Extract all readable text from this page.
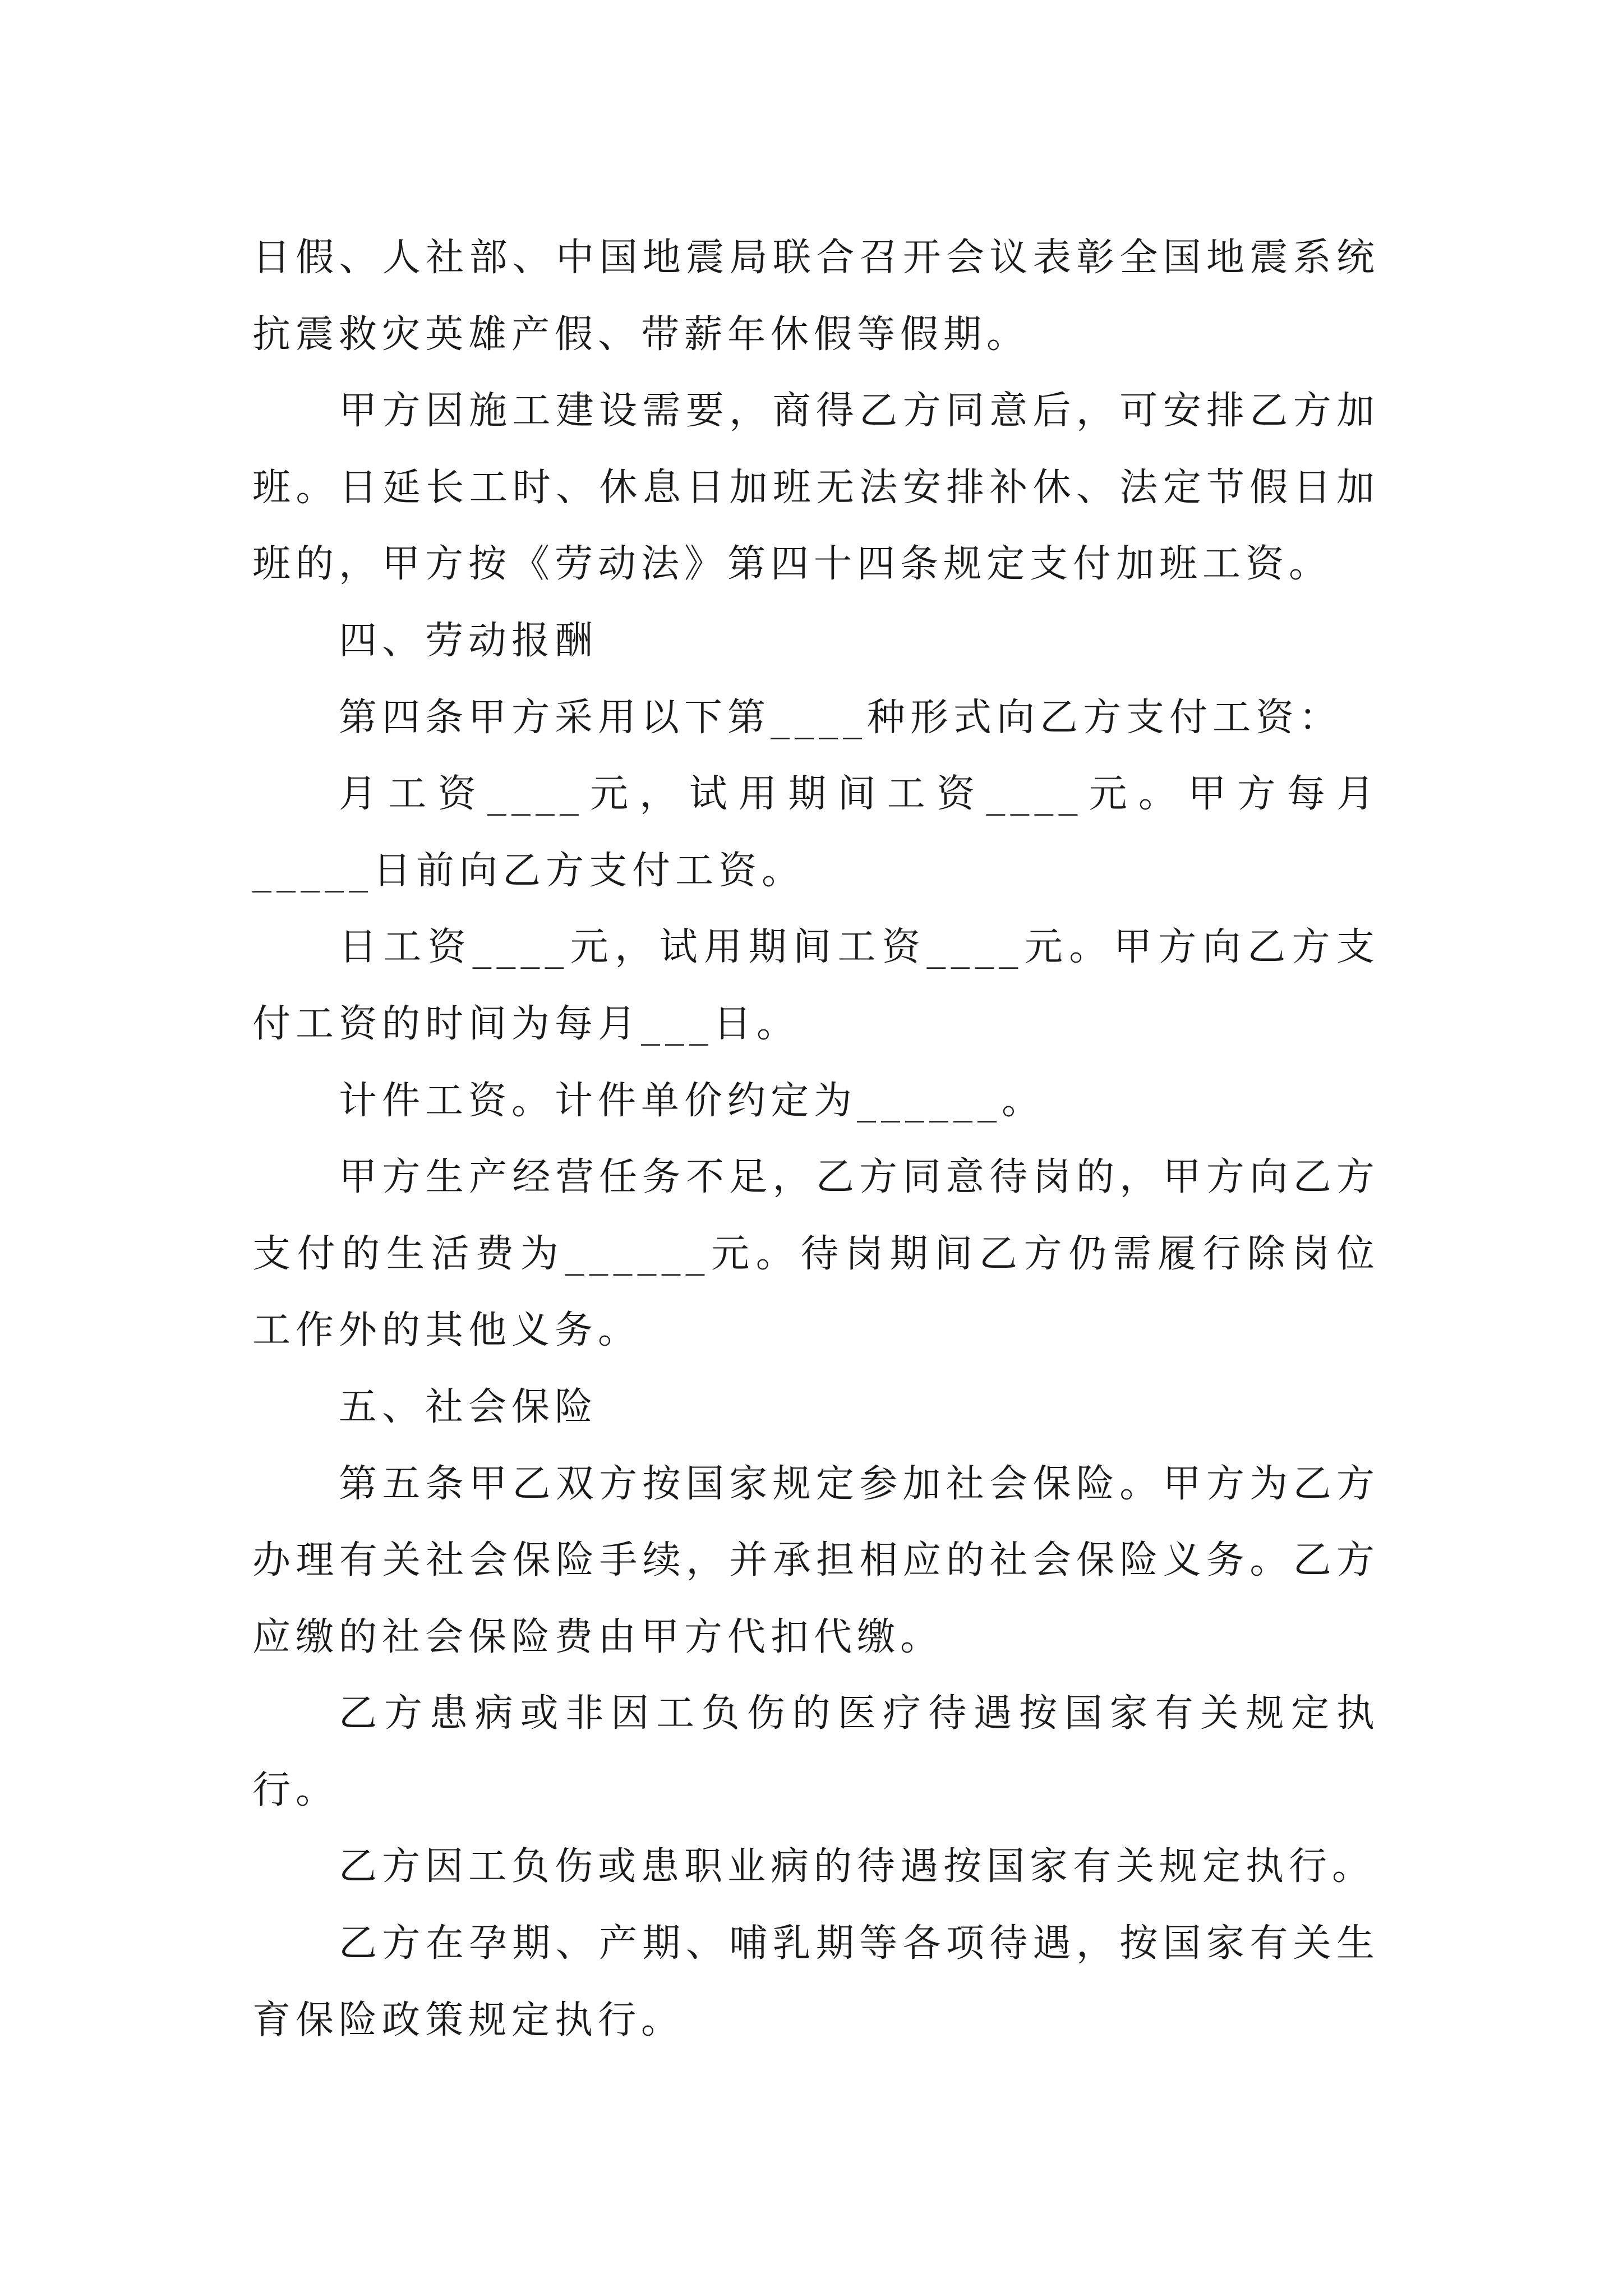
日假、人社部、中国地震局联合召开会议表彰全国地震系统抗震救灾英雄产假、带薪年休假等假期。

甲方因施工建设需要，商得乙方同意后，可安排乙方加班。日延长工时、休息日加班无法安排补休、法定节假日加班的，甲方按《劳动法》第四十四条规定支付加班工资。

四、劳动报酬

第四条甲方采用以下第____种形式向乙方支付工资：

月工资____元，试用期间工资____元。甲方每月_____日前向乙方支付工资。

日工资____元，试用期间工资____元。甲方向乙方支付工资的时间为每月___日。

计件工资。计件单价约定为______。

甲方生产经营任务不足，乙方同意待岗的，甲方向乙方支付的生活费为______元。待岗期间乙方仍需履行除岗位工作外的其他义务。

五、社会保险

第五条甲乙双方按国家规定参加社会保险。甲方为乙方办理有关社会保险手续，并承担相应的社会保险义务。乙方应缴的社会保险费由甲方代扣代缴。

乙方患病或非因工负伤的医疗待遇按国家有关规定执行。

乙方因工负伤或患职业病的待遇按国家有关规定执行。

乙方在孕期、产期、哺乳期等各项待遇，按国家有关生育保险政策规定执行。
